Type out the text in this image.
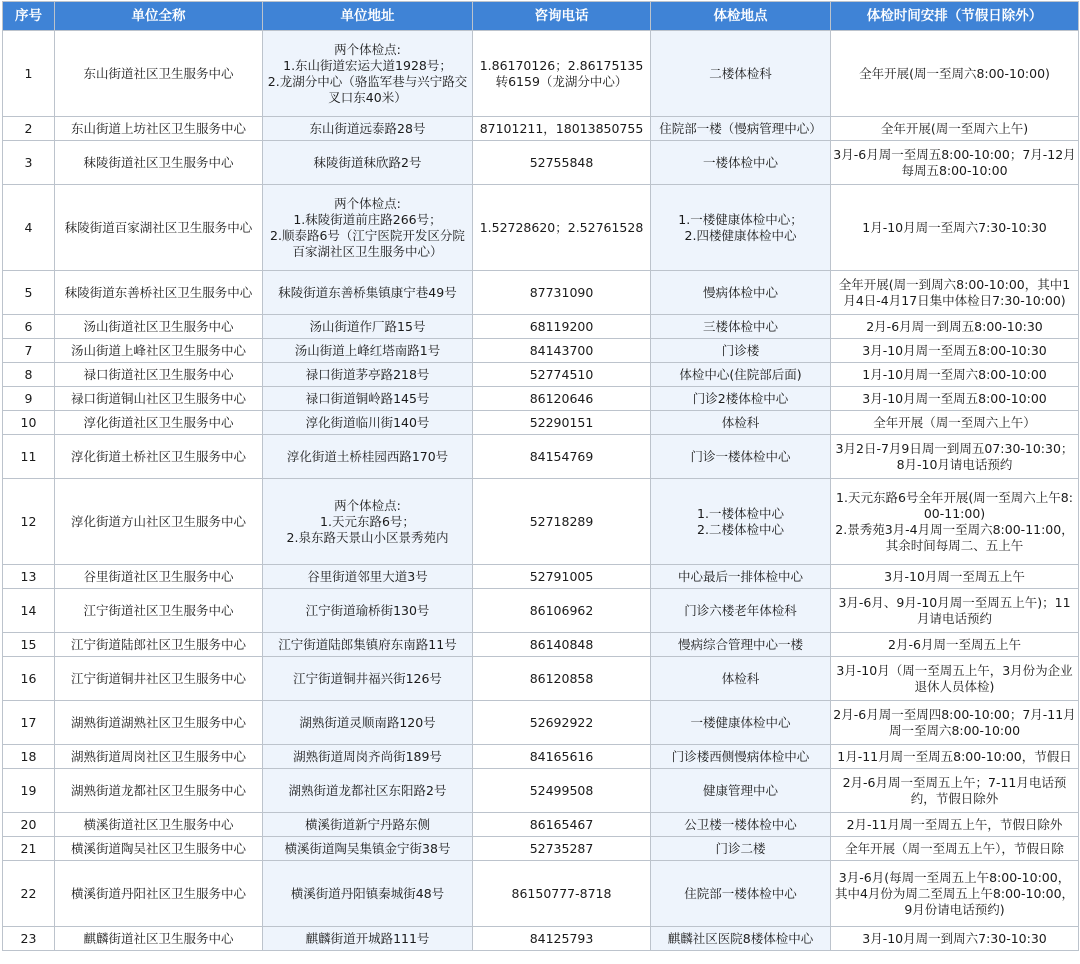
序号	单位全称	单位地址	咨询电话	体检地点	体检时间安排（节假日除外）
1	东山街道社区卫生服务中心	两个体检点:
1.东山街道宏运大道1928号；
2.龙湖分中心（骆监军巷与兴宁路交叉口东40米）	1.86170126；2.86175135转6159（龙湖分中心）	二楼体检科	全年开展(周一至周六8:00-10:00)
2	东山街道上坊社区卫生服务中心	东山街道远泰路28号	87101211，18013850755	住院部一楼（慢病管理中心）	全年开展(周一至周六上午)
3	秣陵街道社区卫生服务中心	秣陵街道秣欣路2号	52755848	一楼体检中心	3月-6月周一至周五8:00-10:00；7月-12月每周五8:00-10:00
4	秣陵街道百家湖社区卫生服务中心	两个体检点:
1.秣陵街道前庄路266号；
2.顺泰路6号（江宁医院开发区分院百家湖社区卫生服务中心）	1.52728620；2.52761528	1.一楼健康体检中心；
2.四楼健康体检中心	1月-10月周一至周六7:30-10:30
5	秣陵街道东善桥社区卫生服务中心	秣陵街道东善桥集镇康宁巷49号	87731090	慢病体检中心	全年开展(周一到周六8:00-10:00，其中1月4日-4月17日集中体检日7:30-10:00)
6	汤山街道社区卫生服务中心	汤山街道作厂路15号	68119200	三楼体检中心	2月-6月周一到周五8:00-10:30
7	汤山街道上峰社区卫生服务中心	汤山街道上峰红塔南路1号	84143700	门诊楼	3月-10月周一至周五8:00-10:30
8	禄口街道社区卫生服务中心	禄口街道茅亭路218号	52774510	体检中心(住院部后面)	1月-10月周一至周六8:00-10:00
9	禄口街道铜山社区卫生服务中心	禄口街道铜岭路145号	86120646	门诊2楼体检中心	3月-10月周一至周五8:00-10:00
10	淳化街道社区卫生服务中心	淳化街道临川街140号	52290151	体检科	全年开展（周一至周六上午）
11	淳化街道土桥社区卫生服务中心	淳化街道土桥桂园西路170号	84154769	门诊一楼体检中心	3月2日-7月9日周一到周五07:30-10:30；8月-10月请电话预约
12	淳化街道方山社区卫生服务中心	两个体检点:
1.天元东路6号；
2.泉东路天景山小区景秀苑内	52718289	1.一楼体检中心
2.二楼体检中心	1.天元东路6号全年开展(周一至周六上午8:00-11:00)
2.景秀苑3月-4月周一至周六8:00-11:00，其余时间每周二、五上午
13	谷里街道社区卫生服务中心	谷里街道邻里大道3号	52791005	中心最后一排体检中心	3月-10月周一至周五上午
14	江宁街道社区卫生服务中心	江宁街道瑜桥街130号	86106962	门诊六楼老年体检科	3月-6月、9月-10月周一至周五上午)；11月请电话预约
15	江宁街道陆郎社区卫生服务中心	江宁街道陆郎集镇府东南路11号	86140848	慢病综合管理中心一楼	2月-6月周一至周五上午
16	江宁街道铜井社区卫生服务中心	江宁街道铜井福兴街126号	86120858	体检科	3月-10月（周一至周五上午，3月份为企业退休人员体检)
17	湖熟街道湖熟社区卫生服务中心	湖熟街道灵顺南路120号	52692922	一楼健康体检中心	2月-6月周一至周四8:00-10:00；7月-11月周一至周六8:00-10:00
18	湖熟街道周岗社区卫生服务中心	湖熟街道周岗齐尚街189号	84165616	门诊楼西侧慢病体检中心	1月-11月周一至周五8:00-10:00，节假日
19	湖熟街道龙都社区卫生服务中心	湖熟街道龙都社区东阳路2号	52499508	健康管理中心	2月-6月周一至周五上午；7-11月电话预约，节假日除外
20	横溪街道社区卫生服务中心	横溪街道新宁丹路东侧	86165467	公卫楼一楼体检中心	2月-11月周一至周五上午，节假日除外
21	横溪街道陶吴社区卫生服务中心	横溪街道陶吴集镇金宁街38号	52735287	门诊二楼	全年开展（周一至周五上午），节假日除
22	横溪街道丹阳社区卫生服务中心	横溪街道丹阳镇秦城街48号	86150777-8718	住院部一楼体检中心	3月-6月(每周一至周五上午8:00-10:00，其中4月份为周二至周五上午8:00-10:00，9月份请电话预约)
23	麒麟街道社区卫生服务中心	麒麟街道开城路111号	84125793	麒麟社区医院8楼体检中心	3月-10月周一到周六7:30-10:30
